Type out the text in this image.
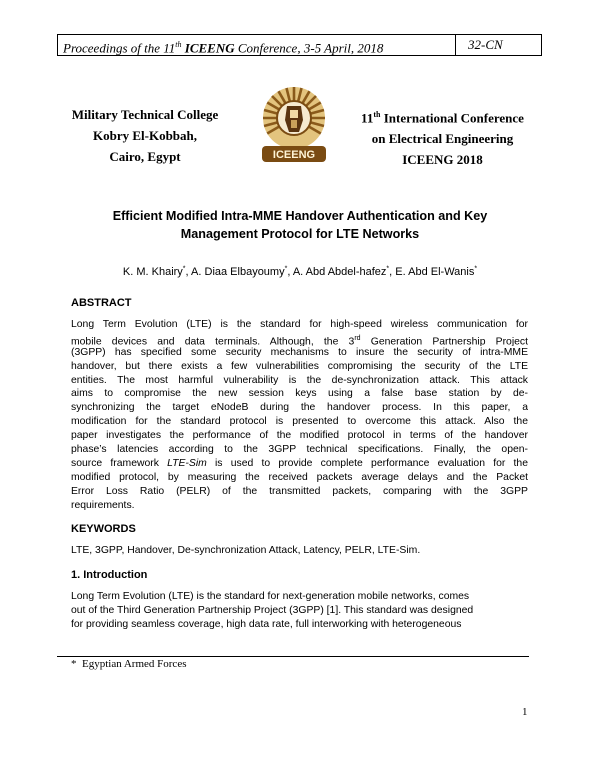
Proceedings of the 11th ICEENG Conference, 3-5 April, 2018	32-CN
Military Technical College
Kobry El-Kobbah,
Cairo, Egypt	ICEENG
11th International Conference
on Electrical Engineering
ICEENG 2018
Efficient Modified Intra-MME Handover Authentication and Key
Management Protocol for LTE Networks
K. M. Khairy*, A. Diaa Elbayoumy*, A. Abd Abdel-hafez*, E. Abd El-Wanis*
ABSTRACT
Long Term Evolution (LTE) is the standard for high-speed wireless communication for
mobile devices and data terminals. Although, the 3rd Generation Partnership Project
(3GPP) has specified some security mechanisms to insure the security of intra-MME
handover, but there exists a few vulnerabilities compromising the security of the LTE
entities. The most harmful vulnerability is the de-synchronization attack. This attack
aims to compromise the new session keys using a false base station by de-
synchronizing the target eNodeB during the handover process. In this paper, a
modification for the standard protocol is presented to overcome this attack. Also the
paper investigates the performance of the modified protocol in terms of the handover
phase’s latencies according to the 3GPP technical specifications. Finally, the open-
source framework LTE-Sim is used to provide complete performance evaluation for the
modified protocol, by measuring the received packets average delays and the Packet
Error Loss Ratio (PELR) of the transmitted packets, comparing with the 3GPP
requirements.
KEYWORDS
LTE, 3GPP, Handover, De-synchronization Attack, Latency, PELR, LTE-Sim.
1. Introduction
Long Term Evolution (LTE) is the standard for next-generation mobile networks, comes
out of the Third Generation Partnership Project (3GPP) [1]. This standard was designed
for providing seamless coverage, high data rate, full interworking with heterogeneous
* Egyptian Armed Forces
1
